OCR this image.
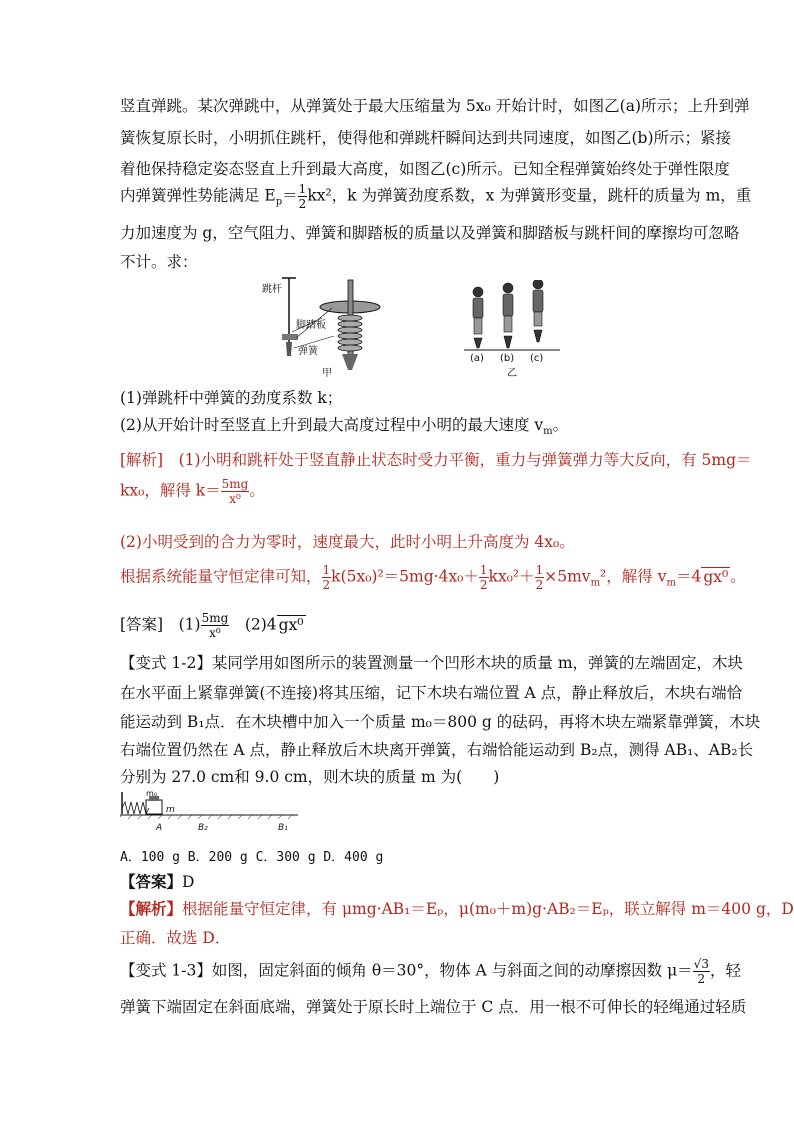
竖直弹跳。某次弹跳中，从弹簧处于最大压缩量为 5x₀ 开始计时，如图乙(a)所示；上升到弹
簧恢复原长时，小明抓住跳杆，使得他和弹跳杆瞬间达到共同速度，如图乙(b)所示；紧接
着他保持稳定姿态竖直上升到最大高度，如图乙(c)所示。已知全程弹簧始终处于弹性限度
内弹簧弹性势能满足 $E_p= \frac{1}{2} kx^2$，k 为弹簧劲度系数，x 为弹簧形变量，跳杆的质量为 m，重
力加速度为 g，空气阻力、弹簧和脚踏板的质量以及弹簧和脚踏板与跳杆间的摩擦均可忽略
不计。求：
跳杆
脚踏板
弹簧
甲
(a) (b) (c)
乙
(1)弹跳杆中弹簧的劲度系数 k；
(2)从开始计时至竖直上升到最大高度过程中小明的最大速度 $v_m$。
[解析]　 (1)小明和跳杆处于竖直静止状态时受力平衡，重力与弹簧弹力等大反向，有 5mg＝
kx₀，解得 $k= \frac{5mg}{\text{x⁰}}$ 。
(2)小明受到的合力为零时，速度最大，此时小明上升高度为 4x₀。
根据系统能量守恒定律可知， $\frac{1}{2} k(5x_0)^2=5mg\cdot 4x_0+ \frac{1}{2} kx_0^2+ \frac{1}{2} \times 5mv_m^2$，解得 $v_m=4$ gx⁰ 。
[答案]　 $(1) \frac{5mg}{\text{x⁰}}$
　 (2)4 gx⁰
【变式 1-2】某同学用如图所示的装置测量一个凹形木块的质量 m，弹簧的左端固定，木块
在水平面上紧靠弹簧(不连接)将其压缩，记下木块右端位置 A 点，静止释放后，木块右端恰
能运动到 B₁点．在木块槽中加入一个质量 m₀＝800 g 的砝码，再将木块左端紧靠弹簧，木块
右端位置仍然在 A 点，静止释放后木块离开弹簧，右端恰能运动到 B₂点，测得 AB₁、AB₂长
分别为 27.0 cm和 9.0 cm，则木块的质量 m 为(　　)
m₀
m
A	B₂	B₁
A．100 g B．200 g C．300 g D．400 g
【答案】D
【解析】根据能量守恒定律，有 μmg·AB₁＝Eₚ，μ(m₀＋m)g·AB₂＝Eₚ，联立解得 m＝400 g，D
正确．故选 D．
【变式 1-3】如图，固定斜面的倾角 θ＝30°，物体 A 与斜面之间的动摩擦因数 $\mu= \frac{√3}{2}$ ，轻
弹簧下端固定在斜面底端，弹簧处于原长时上端位于 C 点．用一根不可伸长的轻绳通过轻质
